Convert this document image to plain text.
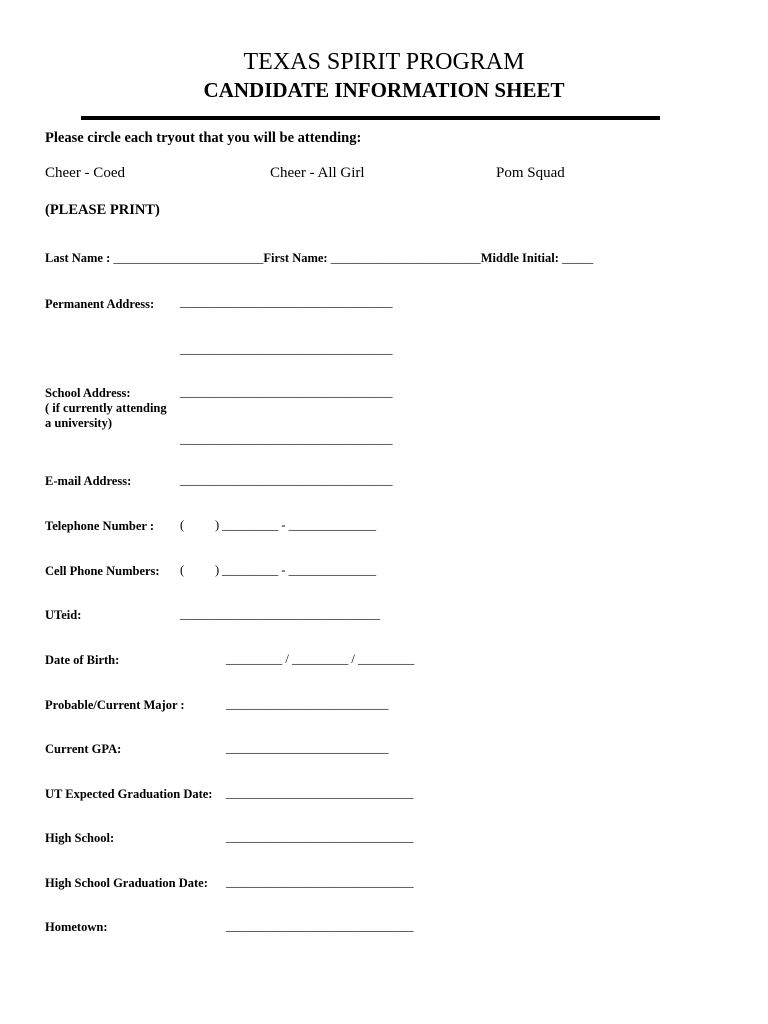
TEXAS SPIRIT PROGRAM
CANDIDATE INFORMATION SHEET
Please circle each tryout that you will be attending:
Cheer - Coed	Cheer - All Girl	Pom Squad
(PLEASE PRINT)
Last Name : ________________________First Name: ________________________Middle Initial: _____
Permanent Address: __________________________________
__________________________________
School Address:
( if currently attending
a university)
__________________________________
__________________________________
E-mail Address:	__________________________________
Telephone Number : ( ) _________ - ______________
Cell Phone Numbers: ( ) _________ - ______________
UTeid:	________________________________
Date of Birth:	_________ / _________ / _________
Probable/Current Major :	__________________________
Current GPA:	__________________________
UT Expected Graduation Date: ______________________________
High School:	______________________________
High School Graduation Date: ______________________________
Hometown:	______________________________
